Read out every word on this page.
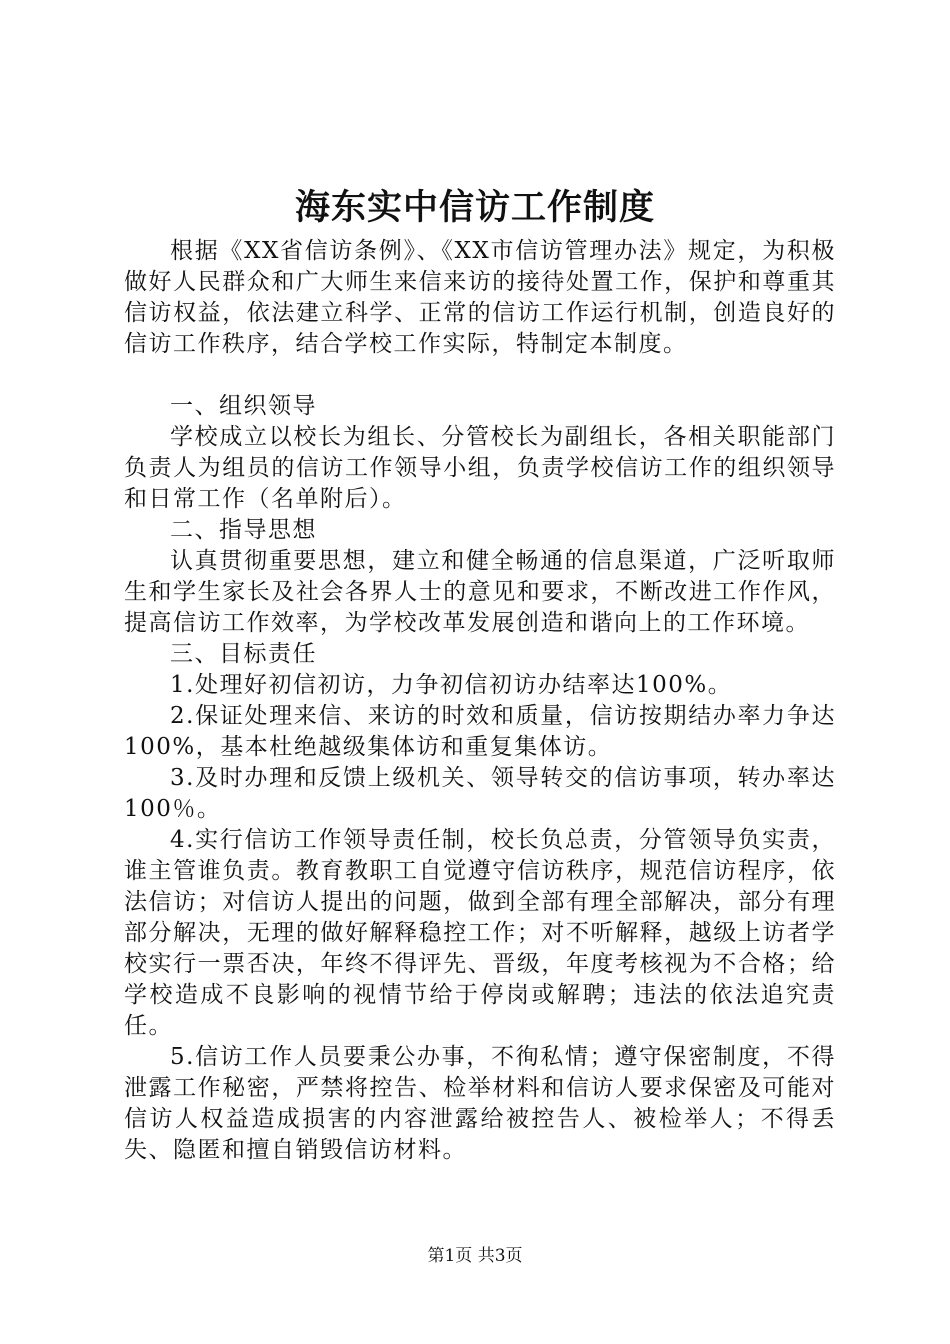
海东实中信访工作制度

根据《XX省信访条例》、《XX市信访管理办法》规定，为积极做好人民群众和广大师生来信来访的接待处置工作，保护和尊重其信访权益，依法建立科学、正常的信访工作运行机制，创造良好的信访工作秩序，结合学校工作实际，特制定本制度。

一、组织领导

学校成立以校长为组长、分管校长为副组长，各相关职能部门负责人为组员的信访工作领导小组，负责学校信访工作的组织领导和日常工作（名单附后）。

二、指导思想

认真贯彻重要思想，建立和健全畅通的信息渠道，广泛听取师生和学生家长及社会各界人士的意见和要求，不断改进工作作风，提高信访工作效率，为学校改革发展创造和谐向上的工作环境。

三、目标责任

1.处理好初信初访，力争初信初访办结率达100%。

2.保证处理来信、来访的时效和质量，信访按期结办率力争达100%，基本杜绝越级集体访和重复集体访。

3.及时办理和反馈上级机关、领导转交的信访事项，转办率达100％。

4.实行信访工作领导责任制，校长负总责，分管领导负实责，谁主管谁负责。教育教职工自觉遵守信访秩序，规范信访程序，依法信访；对信访人提出的问题，做到全部有理全部解决，部分有理部分解决，无理的做好解释稳控工作；对不听解释，越级上访者学校实行一票否决，年终不得评先、晋级，年度考核视为不合格；给学校造成不良影响的视情节给于停岗或解聘；违法的依法追究责任。

5.信访工作人员要秉公办事，不徇私情；遵守保密制度，不得泄露工作秘密，严禁将控告、检举材料和信访人要求保密及可能对信访人权益造成损害的内容泄露给被控告人、被检举人；不得丢失、隐匿和擅自销毁信访材料。

第1页 共3页
